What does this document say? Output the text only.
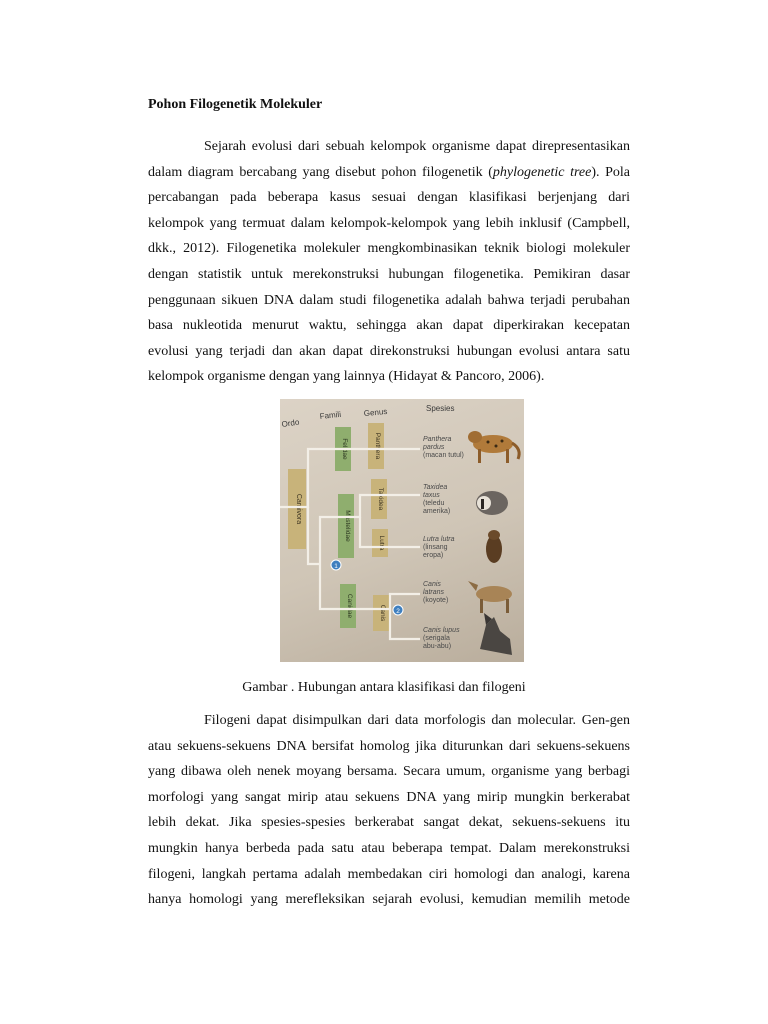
Pohon Filogenetik Molekuler
Sejarah evolusi dari sebuah kelompok organisme dapat direpresentasikan
dalam diagram bercabang yang disebut pohon filogenetik (phylogenetic tree). Pola
percabangan pada beberapa kasus sesuai dengan klasifikasi berjenjang dari
kelompok yang termuat dalam kelompok-kelompok yang lebih inklusif (Campbell,
dkk., 2012). Filogenetika molekuler mengkombinasikan teknik biologi molekuler
dengan statistik untuk merekonstruksi hubungan filogenetika. Pemikiran dasar
penggunaan sikuen DNA dalam studi filogenetika adalah bahwa terjadi perubahan
basa nukleotida menurut waktu, sehingga akan dapat diperkirakan kecepatan
evolusi yang terjadi dan akan dapat direkonstruksi hubungan evolusi antara satu
kelompok organisme dengan yang lainnya (Hidayat & Pancoro, 2006).
Ordo
Famili	Genus	Spesies
Carnivora
Felidae
Mustelidae
Canidae
Panthera
Taxidea
Lutra
Canis
1
2
Panthera
pardus
(macan tutul)
Taxidea
taxus
(teledu
amerika)
Lutra lutra
(linsang
eropa)
Canis
latrans
(koyote)
Canis lupus
(serigala
abu-abu)
Gambar . Hubungan antara klasifikasi dan filogeni
Filogeni dapat disimpulkan dari data morfologis dan molecular. Gen-gen
atau sekuens-sekuens DNA bersifat homolog jika diturunkan dari sekuens-sekuens
yang dibawa oleh nenek moyang bersama. Secara umum, organisme yang berbagi
morfologi yang sangat mirip atau sekuens DNA yang mirip mungkin berkerabat
lebih dekat. Jika spesies-spesies berkerabat sangat dekat, sekuens-sekuens itu
mungkin hanya berbeda pada satu atau beberapa tempat. Dalam merekonstruksi
filogeni, langkah pertama adalah membedakan ciri homologi dan analogi, karena
hanya homologi yang merefleksikan sejarah evolusi, kemudian memilih metode
